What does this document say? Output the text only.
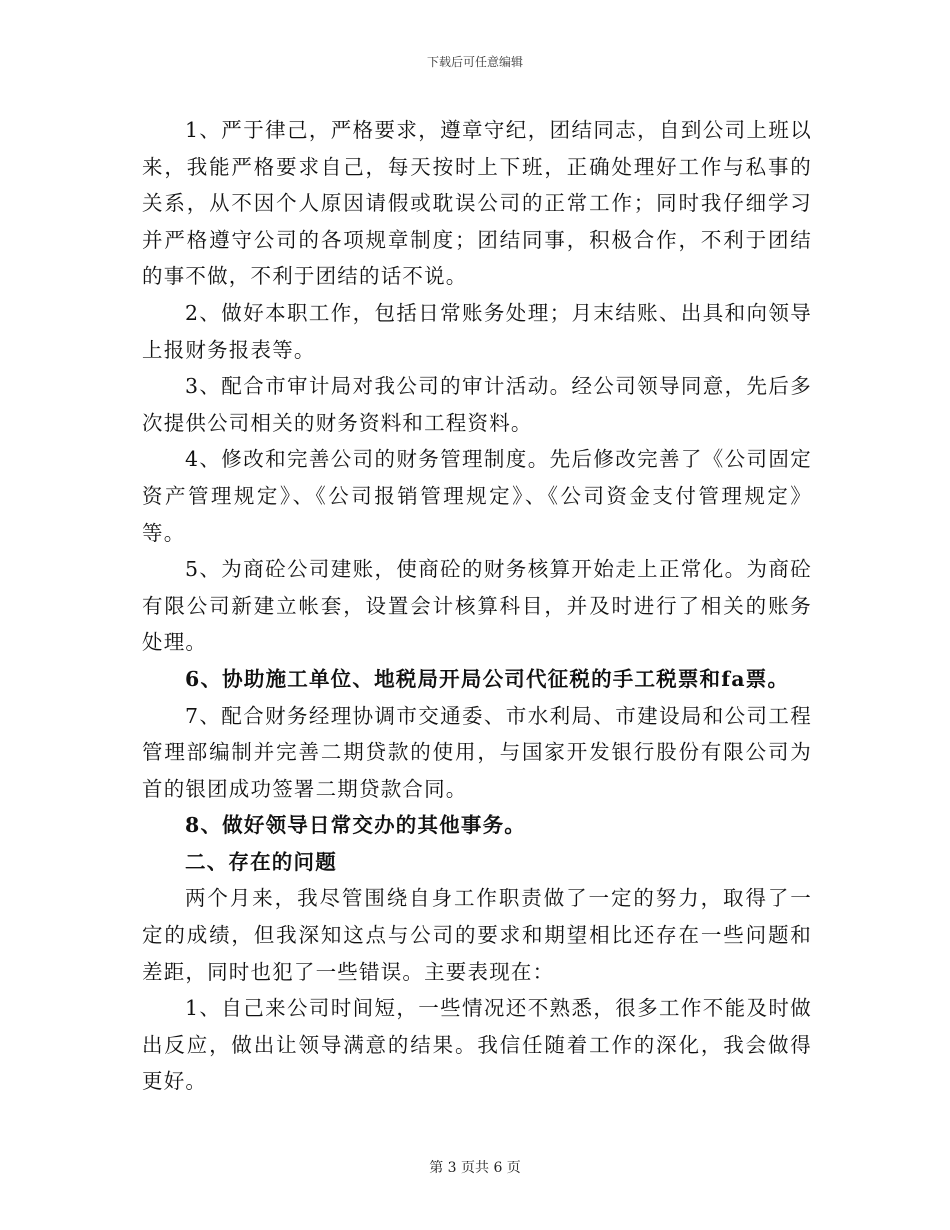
下载后可任意编辑

1、严于律己，严格要求，遵章守纪，团结同志，自到公司上班以来，我能严格要求自己，每天按时上下班，正确处理好工作与私事的关系，从不因个人原因请假或耽误公司的正常工作；同时我仔细学习并严格遵守公司的各项规章制度；团结同事，积极合作，不利于团结的事不做，不利于团结的话不说。

2、做好本职工作，包括日常账务处理；月末结账、出具和向领导上报财务报表等。

3、配合市审计局对我公司的审计活动。经公司领导同意，先后多次提供公司相关的财务资料和工程资料。

4、修改和完善公司的财务管理制度。先后修改完善了《公司固定资产管理规定》、《公司报销管理规定》、《公司资金支付管理规定》等。

5、为商砼公司建账，使商砼的财务核算开始走上正常化。为商砼有限公司新建立帐套，设置会计核算科目，并及时进行了相关的账务处理。

6、协助施工单位、地税局开局公司代征税的手工税票和fa票。

7、配合财务经理协调市交通委、市水利局、市建设局和公司工程管理部编制并完善二期贷款的使用，与国家开发银行股份有限公司为首的银团成功签署二期贷款合同。

8、做好领导日常交办的其他事务。

二、存在的问题

两个月来，我尽管围绕自身工作职责做了一定的努力，取得了一定的成绩，但我深知这点与公司的要求和期望相比还存在一些问题和差距，同时也犯了一些错误。主要表现在：

1、自己来公司时间短，一些情况还不熟悉，很多工作不能及时做出反应，做出让领导满意的结果。我信任随着工作的深化，我会做得更好。

第 3 页共 6 页
